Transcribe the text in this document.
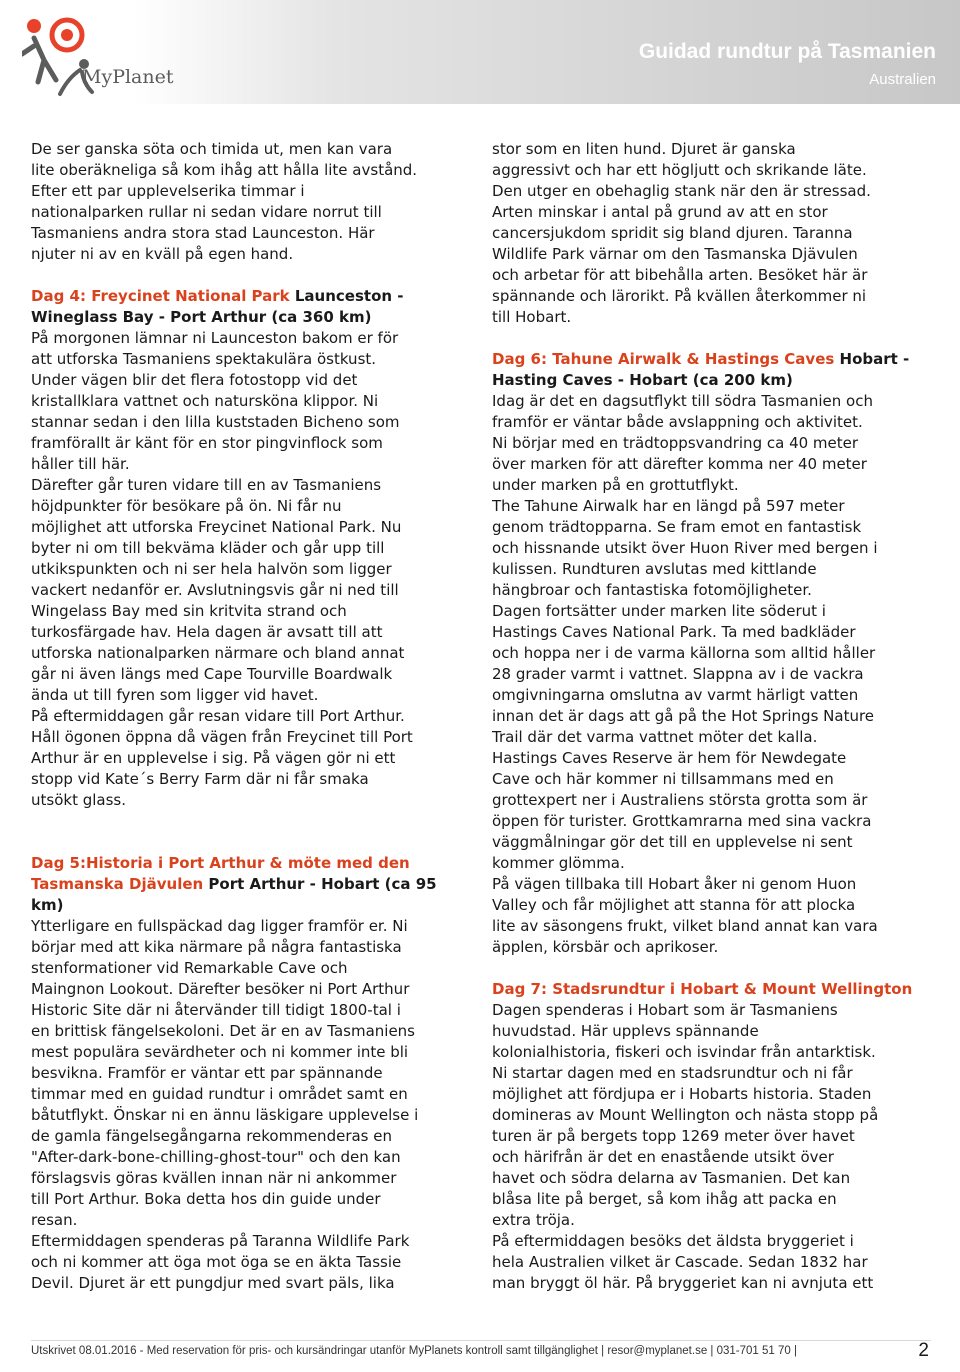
MyPlanet
Guidad rundtur på Tasmanien
Australien

De ser ganska söta och timida ut, men kan vara

lite oberäkneliga så kom ihåg att hålla lite avstånd.

Efter ett par upplevelserika timmar i

nationalparken rullar ni sedan vidare norrut till

Tasmaniens andra stora stad Launceston. Här

njuter ni av en kväll på egen hand.

Dag 4: Freycinet National Park Launceston -

Wineglass Bay - Port Arthur (ca 360 km)

På morgonen lämnar ni Launceston bakom er för

att utforska Tasmaniens spektakulära östkust.

Under vägen blir det flera fotostopp vid det

kristallklara vattnet och natursköna klippor. Ni

stannar sedan i den lilla kuststaden Bicheno som

framförallt är känt för en stor pingvinflock som

håller till här.

Därefter går turen vidare till en av Tasmaniens

höjdpunkter för besökare på ön. Ni får nu

möjlighet att utforska Freycinet National Park. Nu

byter ni om till bekväma kläder och går upp till

utkikspunkten och ni ser hela halvön som ligger

vackert nedanför er. Avslutningsvis går ni ned till

Wingelass Bay med sin kritvita strand och

turkosfärgade hav. Hela dagen är avsatt till att

utforska nationalparken närmare och bland annat

går ni även längs med Cape Tourville Boardwalk

ända ut till fyren som ligger vid havet.

På eftermiddagen går resan vidare till Port Arthur.

Håll ögonen öppna då vägen från Freycinet till Port

Arthur är en upplevelse i sig. På vägen gör ni ett

stopp vid Kate´s Berry Farm där ni får smaka

utsökt glass.

Dag 5:Historia i Port Arthur & möte med den

Tasmanska Djävulen Port Arthur - Hobart (ca 95

km)

Ytterligare en fullspäckad dag ligger framför er. Ni

börjar med att kika närmare på några fantastiska

stenformationer vid Remarkable Cave och

Maingnon Lookout. Därefter besöker ni Port Arthur

Historic Site där ni återvänder till tidigt 1800-tal i

en brittisk fängelsekoloni. Det är en av Tasmaniens

mest populära sevärdheter och ni kommer inte bli

besvikna. Framför er väntar ett par spännande

timmar med en guidad rundtur i området samt en

båtutflykt. Önskar ni en ännu läskigare upplevelse i

de gamla fängelsegångarna rekommenderas en

"After-dark-bone-chilling-ghost-tour" och den kan

förslagsvis göras kvällen innan när ni ankommer

till Port Arthur. Boka detta hos din guide under

resan.

Eftermiddagen spenderas på Taranna Wildlife Park

och ni kommer att öga mot öga se en äkta Tassie

Devil. Djuret är ett pungdjur med svart päls, lika

stor som en liten hund. Djuret är ganska

aggressivt och har ett högljutt och skrikande läte.

Den utger en obehaglig stank när den är stressad.

Arten minskar i antal på grund av att en stor

cancersjukdom spridit sig bland djuren. Taranna

Wildlife Park värnar om den Tasmanska Djävulen

och arbetar för att bibehålla arten. Besöket här är

spännande och lärorikt. På kvällen återkommer ni

till Hobart.

Dag 6: Tahune Airwalk & Hastings Caves Hobart -

Hasting Caves - Hobart (ca 200 km)

Idag är det en dagsutflykt till södra Tasmanien och

framför er väntar både avslappning och aktivitet.

Ni börjar med en trädtoppsvandring ca 40 meter

över marken för att därefter komma ner 40 meter

under marken på en grottutflykt.

The Tahune Airwalk har en längd på 597 meter

genom trädtopparna. Se fram emot en fantastisk

och hissnande utsikt över Huon River med bergen i

kulissen. Rundturen avslutas med kittlande

hängbroar och fantastiska fotomöjligheter.

Dagen fortsätter under marken lite söderut i

Hastings Caves National Park. Ta med badkläder

och hoppa ner i de varma källorna som alltid håller

28 grader varmt i vattnet. Slappna av i de vackra

omgivningarna omslutna av varmt härligt vatten

innan det är dags att gå på the Hot Springs Nature

Trail där det varma vattnet möter det kalla.

Hastings Caves Reserve är hem för Newdegate

Cave och här kommer ni tillsammans med en

grottexpert ner i Australiens största grotta som är

öppen för turister. Grottkamrarna med sina vackra

väggmålningar gör det till en upplevelse ni sent

kommer glömma.

På vägen tillbaka till Hobart åker ni genom Huon

Valley och får möjlighet att stanna för att plocka

lite av säsongens frukt, vilket bland annat kan vara

äpplen, körsbär och aprikoser.

Dag 7: Stadsrundtur i Hobart & Mount Wellington

Dagen spenderas i Hobart som är Tasmaniens

huvudstad. Här upplevs spännande

kolonialhistoria, fiskeri och isvindar från antarktisk.

Ni startar dagen med en stadsrundtur och ni får

möjlighet att fördjupa er i Hobarts historia. Staden

domineras av Mount Wellington och nästa stopp på

turen är på bergets topp 1269 meter över havet

och härifrån är det en enastående utsikt över

havet och södra delarna av Tasmanien. Det kan

blåsa lite på berget, så kom ihåg att packa en

extra tröja.

På eftermiddagen besöks det äldsta bryggeriet i

hela Australien vilket är Cascade. Sedan 1832 har

man bryggt öl här. På bryggeriet kan ni avnjuta ett

Utskrivet 08.01.2016 - Med reservation för pris- och kursändringar utanför MyPlanets kontroll samt tillgänglighet | resor@myplanet.se | 031-701 51 70 |	2
